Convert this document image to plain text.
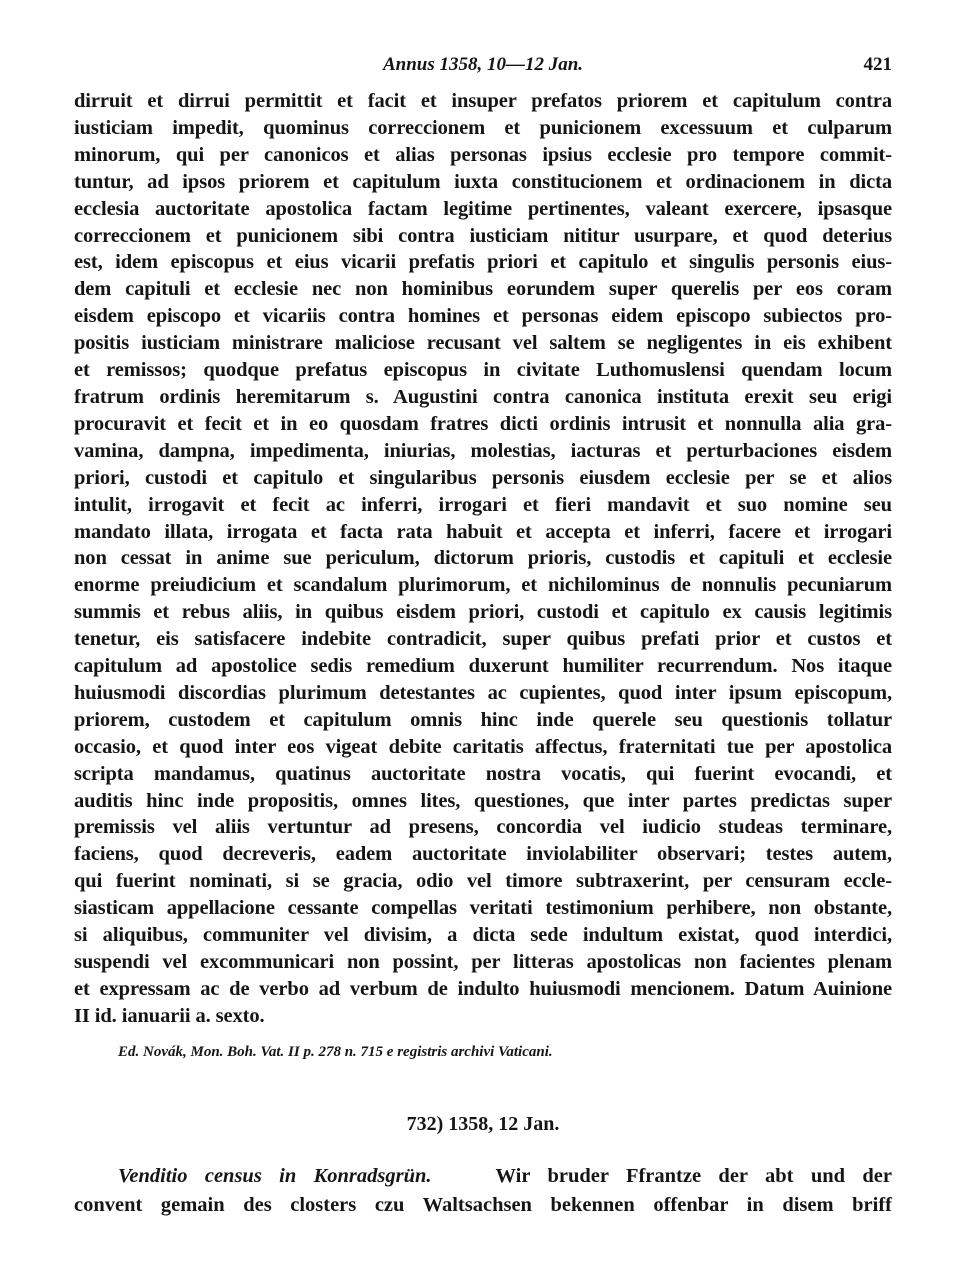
Annus 1358, 10—12 Jan.	421
dirruit et dirrui permittit et facit et insuper prefatos priorem et capitulum contra
iusticiam impedit, quominus correccionem et punicionem excessuum et culparum
minorum, qui per canonicos et alias personas ipsius ecclesie pro tempore commit-
tuntur, ad ipsos priorem et capitulum iuxta constitucionem et ordinacionem in dicta
ecclesia auctoritate apostolica factam legitime pertinentes, valeant exercere, ipsasque
correccionem et punicionem sibi contra iusticiam nititur usurpare, et quod deterius
est, idem episcopus et eius vicarii prefatis priori et capitulo et singulis personis eius-
dem capituli et ecclesie nec non hominibus eorundem super querelis per eos coram
eisdem episcopo et vicariis contra homines et personas eidem episcopo subiectos pro-
positis iusticiam ministrare maliciose recusant vel saltem se negligentes in eis exhibent
et remissos; quodque prefatus episcopus in civitate Luthomuslensi quendam locum
fratrum ordinis heremitarum s. Augustini contra canonica instituta erexit seu erigi
procuravit et fecit et in eo quosdam fratres dicti ordinis intrusit et nonnulla alia gra-
vamina, dampna, impedimenta, iniurias, molestias, iacturas et perturbaciones eisdem
priori, custodi et capitulo et singularibus personis eiusdem ecclesie per se et alios
intulit, irrogavit et fecit ac inferri, irrogari et fieri mandavit et suo nomine seu
mandato illata, irrogata et facta rata habuit et accepta et inferri, facere et irrogari
non cessat in anime sue periculum, dictorum prioris, custodis et capituli et ecclesie
enorme preiudicium et scandalum plurimorum, et nichilominus de nonnulis pecuniarum
summis et rebus aliis, in quibus eisdem priori, custodi et capitulo ex causis legitimis
tenetur, eis satisfacere indebite contradicit, super quibus prefati prior et custos et
capitulum ad apostolice sedis remedium duxerunt humiliter recurrendum. Nos itaque
huiusmodi discordias plurimum detestantes ac cupientes, quod inter ipsum episcopum,
priorem, custodem et capitulum omnis hinc inde querele seu questionis tollatur
occasio, et quod inter eos vigeat debite caritatis affectus, fraternitati tue per apostolica
scripta mandamus, quatinus auctoritate nostra vocatis, qui fuerint evocandi, et
auditis hinc inde propositis, omnes lites, questiones, que inter partes predictas super
premissis vel aliis vertuntur ad presens, concordia vel iudicio studeas terminare,
faciens, quod decreveris, eadem auctoritate inviolabiliter observari; testes autem,
qui fuerint nominati, si se gracia, odio vel timore subtraxerint, per censuram eccle-
siasticam appellacione cessante compellas veritati testimonium perhibere, non obstante,
si aliquibus, communiter vel divisim, a dicta sede indultum existat, quod interdici,
suspendi vel excommunicari non possint, per litteras apostolicas non facientes plenam
et expressam ac de verbo ad verbum de indulto huiusmodi mencionem. Datum Auinione
II id. ianuarii a. sexto.
Ed. Novák, Mon. Boh. Vat. II p. 278 n. 715 e registris archivi Vaticani.
732) 1358, 12 Jan.
Venditio census in Konradsgrün.	Wir bruder Ffrantze der abt und der
convent gemain des closters czu Waltsachsen bekennen offenbar in disem briff
